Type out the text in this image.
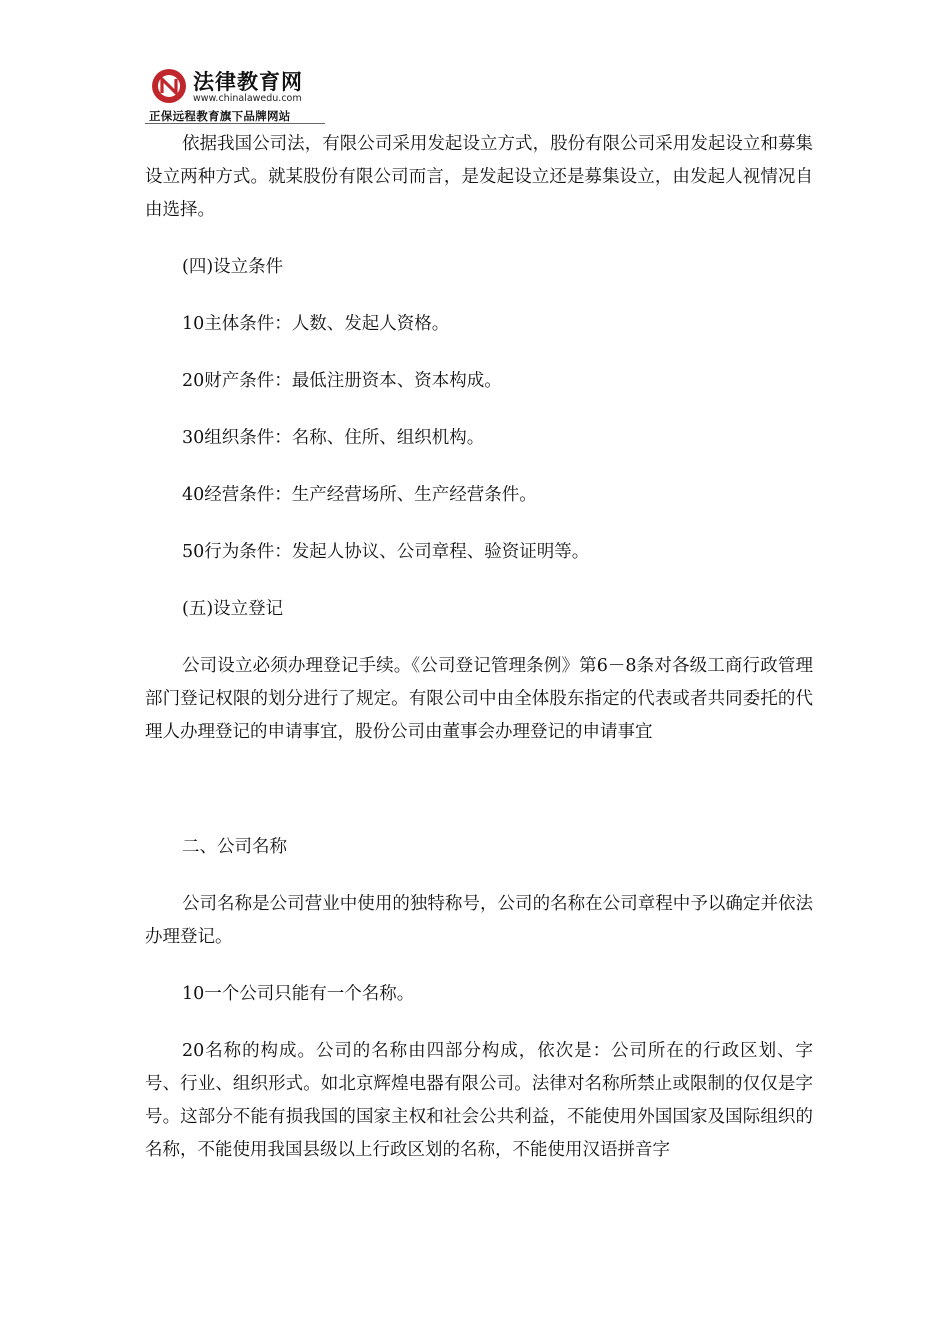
法律教育网
www.chinalawedu.com
正保远程教育旗下品牌网站

依据我国公司法，有限公司采用发起设立方式，股份有限公司采用发起设立和募集设立两种方式。就某股份有限公司而言，是发起设立还是募集设立，由发起人视情况自由选择。

(四)设立条件

10主体条件：人数、发起人资格。

20财产条件：最低注册资本、资本构成。

30组织条件：名称、住所、组织机构。

40经营条件：生产经营场所、生产经营条件。

50行为条件：发起人协议、公司章程、验资证明等。

(五)设立登记

公司设立必须办理登记手续。《公司登记管理条例》第6－8条对各级工商行政管理部门登记权限的划分进行了规定。有限公司中由全体股东指定的代表或者共同委托的代理人办理登记的申请事宜，股份公司由董事会办理登记的申请事宜

二、公司名称

公司名称是公司营业中使用的独特称号，公司的名称在公司章程中予以确定并依法办理登记。

10一个公司只能有一个名称。

20名称的构成。公司的名称由四部分构成，依次是：公司所在的行政区划、字号、行业、组织形式。如北京辉煌电器有限公司。法律对名称所禁止或限制的仅仅是字号。这部分不能有损我国的国家主权和社会公共利益，不能使用外国国家及国际组织的名称，不能使用我国县级以上行政区划的名称，不能使用汉语拼音字
